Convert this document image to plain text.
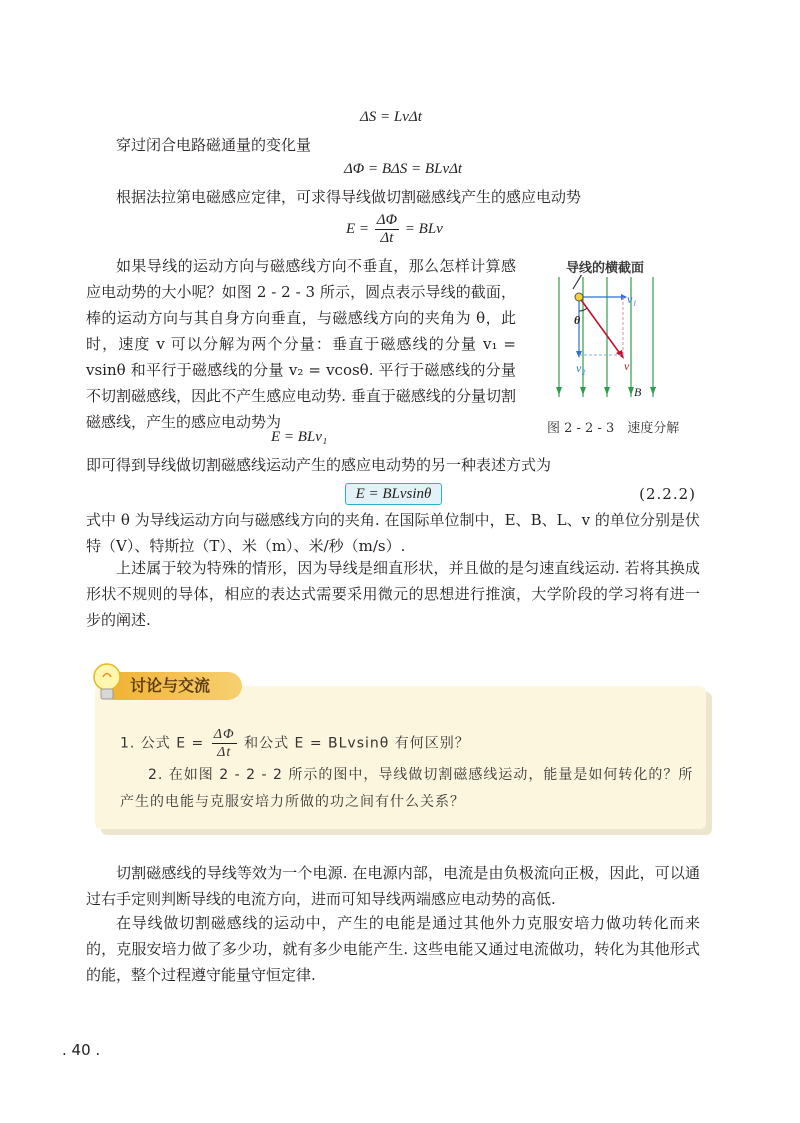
ΔS = LvΔt

穿过闭合电路磁通量的变化量

ΔΦ = BΔS = BLvΔt

根据法拉第电磁感应定律，可求得导线做切割磁感线产生的感应电动势

$E = \frac{\Delta\Phi}{\Delta t}$ = BLv

如果导线的运动方向与磁感线方向不垂直，那么怎样计算感应电动势的大小呢？如图 2 - 2 - 3 所示，圆点表示导线的截面，棒的运动方向与其自身方向垂直，与磁感线方向的夹角为 θ，此时，速度 v 可以分解为两个分量：垂直于磁感线的分量 v₁ = vsinθ 和平行于磁感线的分量 v₂ = vcosθ. 平行于磁感线的分量不切割磁感线，因此不产生感应电动势. 垂直于磁感线的分量切割磁感线，产生的感应电动势为

E = BLv₁
导线的横截面
v₁
θ
v₂	v
B
图 2 - 2 - 3　速度分解

即可得到导线做切割磁感线运动产生的感应电动势的另一种表述方式为

E = BLvsinθ	(2.2.2)

式中 θ 为导线运动方向与磁感线方向的夹角. 在国际单位制中，E、B、L、v 的单位分别是伏特（V）、特斯拉（T）、米（m）、米/秒（m/s）.

上述属于较为特殊的情形，因为导线是细直形状，并且做的是匀速直线运动. 若将其换成形状不规则的导体，相应的表达式需要采用微元的思想进行推演，大学阶段的学习将有进一步的阐述.

讨论与交流
1. 公式 $E = \frac{\Delta\Phi}{\Delta t}$ 和公式 E = BLvsinθ 有何区别？

2. 在如图 2 - 2 - 2 所示的图中，导线做切割磁感线运动，能量是如何转化的？所产生的电能与克服安培力所做的功之间有什么关系？

切割磁感线的导线等效为一个电源. 在电源内部，电流是由负极流向正极，因此，可以通过右手定则判断导线的电流方向，进而可知导线两端感应电动势的高低.

在导线做切割磁感线的运动中，产生的电能是通过其他外力克服安培力做功转化而来的，克服安培力做了多少功，就有多少电能产生. 这些电能又通过电流做功，转化为其他形式的能，整个过程遵守能量守恒定律.

. 40 .
